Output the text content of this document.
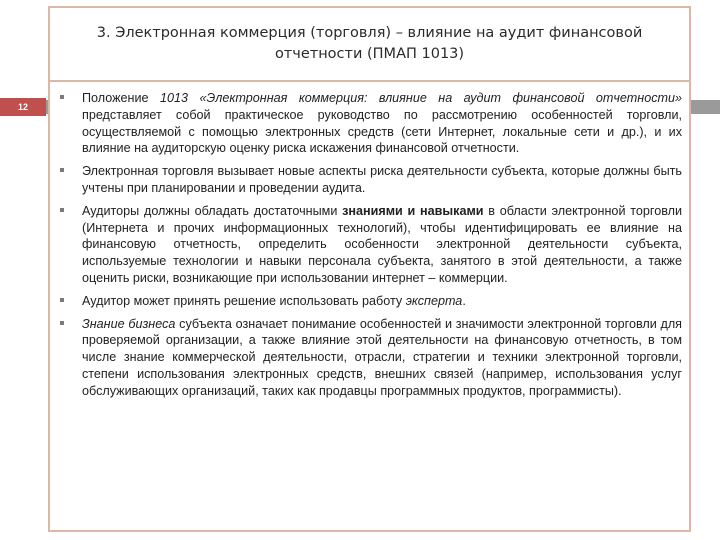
12
3. Электронная коммерция (торговля) – влияние на аудит финансовой отчетности (ПМАП 1013)
Положение 1013 «Электронная коммерция: влияние на аудит финансовой отчетности» представляет собой практическое руководство по рассмотрению особенностей торговли, осуществляемой с помощью электронных средств (сети Интернет, локальные сети и др.), и их влияние на аудиторскую оценку риска искажения финансовой отчетности.
Электронная торговля вызывает новые аспекты риска деятельности субъекта, которые должны быть учтены при планировании и проведении аудита.
Аудиторы должны обладать достаточными знаниями и навыками в области электронной торговли (Интернета и прочих информационных технологий), чтобы идентифицировать ее влияние на финансовую отчетность, определить особенности электронной деятельности субъекта, используемые технологии и навыки персонала субъекта, занятого в этой деятельности, а также оценить риски, возникающие при использовании интернет – коммерции.
Аудитор может принять решение использовать работу эксперта.
Знание бизнеса субъекта означает понимание особенностей и значимости электронной торговли для проверяемой организации, а также влияние этой деятельности на финансовую отчетность, в том числе знание коммерческой деятельности, отрасли, стратегии и техники электронной торговли, степени использования электронных средств, внешних связей (например, использования услуг обслуживающих организаций, таких как продавцы программных продуктов, программисты).
